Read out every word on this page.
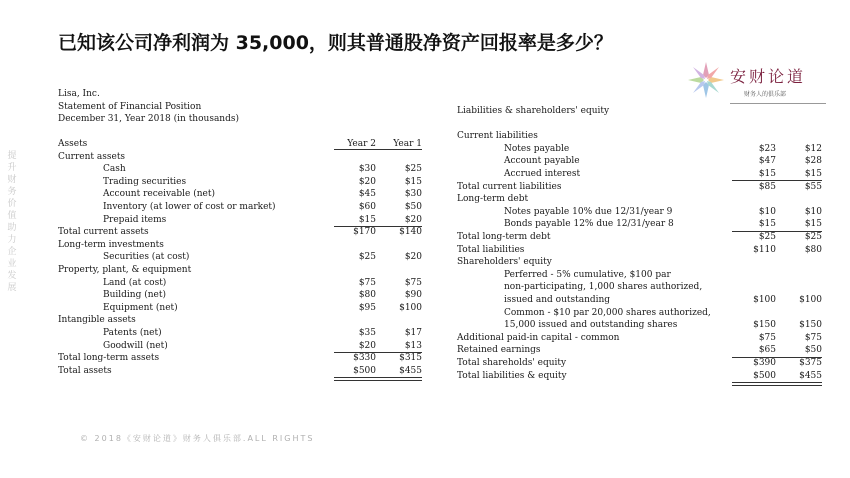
已知该公司净利润为 35,000，则其普通股净资产回报率是多少？
安财论道
财务人的俱乐部
提升财务价值 助力企业发展
Lisa, Inc.
Statement of Financial Position
December 31, Year 2018 (in thousands)
Assets	Year 2	Year 1
Current assets
Cash	$30	$25
Trading securities	$20	$15
Account receivable (net)	$45	$30
Inventory (at lower of cost or market)	$60	$50
Prepaid items	$15	$20
Total current assets	$170	$140
Long-term investments
Securities (at cost)	$25	$20
Property, plant, & equipment
Land (at cost)	$75	$75
Building (net)	$80	$90
Equipment (net)	$95	$100
Intangible assets
Patents (net)	$35	$17
Goodwill (net)	$20	$13
Total long-term assets	$330	$315
Total assets	$500	$455
Liabilities & shareholders' equity
Current liabilities
Notes payable	$23	$12
Account payable	$47	$28
Accrued interest	$15	$15
Total current liabilities	$85	$55
Long-term debt
Notes payable 10% due 12/31/year 9	$10	$10
Bonds payable 12% due 12/31/year 8	$15	$15
Total long-term debt	$25	$25
Total liabilities	$110	$80
Shareholders' equity
Perferred - 5% cumulative, $100 par
non-participating, 1,000 shares authorized,
issued and outstanding	$100	$100
Common - $10 par 20,000 shares authorized,
15,000 issued and outstanding shares	$150	$150
Additional paid-in capital - common	$75	$75
Retained earnings	$65	$50
Total shareholds' equity	$390	$375
Total liabilities & equity	$500	$455
© 2018《安财论道》财务人俱乐部.ALL RIGHTS
